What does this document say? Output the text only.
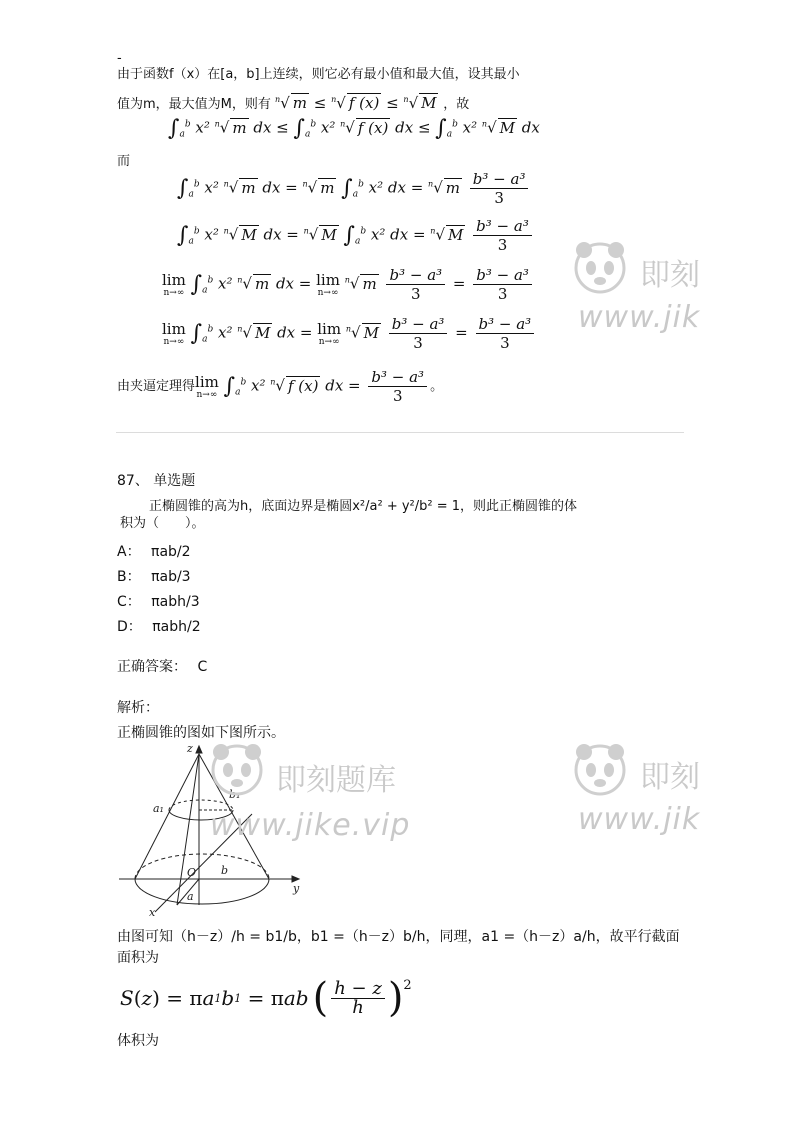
-
由于函数f（x）在[a，b]上连续，则它必有最小值和最大值，设其最小
值为m，最大值为M，则有 $^n$√ m ≤ $^n$√ f (x) ≤ $^n$√ M ，故
$\int_a^b$ x² $^n$√ m dx ≤ $\int_a^b$ x² $^n$√ f (x) dx ≤ $\int_a^b$ x² $^n$√ M dx
而
$\int_a^b$ x² $^n$√ m dx = $^n$√ m $\int_a^b$ x² dx = $^n$√ m $\frac{\text{b³ − a³}}{3}$
$\int_a^b$ x² $^n$√ M dx = $^n$√ M $\int_a^b$ x² dx = $^n$√ M $\frac{\text{b³ − a³}}{3}$
lim
n→∞ $\int_a^b$ x² $^n$√ m dx = lim
n→∞
$^n$√ m $\frac{\text{b³ − a³}}{3} = \frac{\text{b³ − a³}}{3}$
lim
n→∞ $\int_a^b$ x² $^n$√ M dx = lim
n→∞
$^n$√ M $\frac{\text{b³ − a³}}{3} = \frac{\text{b³ − a³}}{3}$
由夹逼定理得 lim
n→∞ $\int_a^b$ x² $^n$√ f (x) dx = $\frac{\text{b³ − a³}}{3}$ 。
87、 单选题
正椭圆锥的高为h，底面边界是椭圆x²/a² + y²/b² = 1，则此正椭圆锥的体
积为（　　）。
A： πab/2
B： πab/3
C： πabh/3
D： πabh/2
正确答案： C
解析：
正椭圆锥的图如下图所示。
z
y
x
O b
a
a₁
b₁
由图可知（h－z）/h = b1/b，b1 =（h－z）b/h，同理，a1 =（h－z）a/h，故平行截面
面积为
S ( z ) = π a 1 b 1 = π ab ( $\frac{h - z}{h} )^2$
体积为
即刻
www.jik
即刻题库
www.jike.vip
即刻
www.jik
